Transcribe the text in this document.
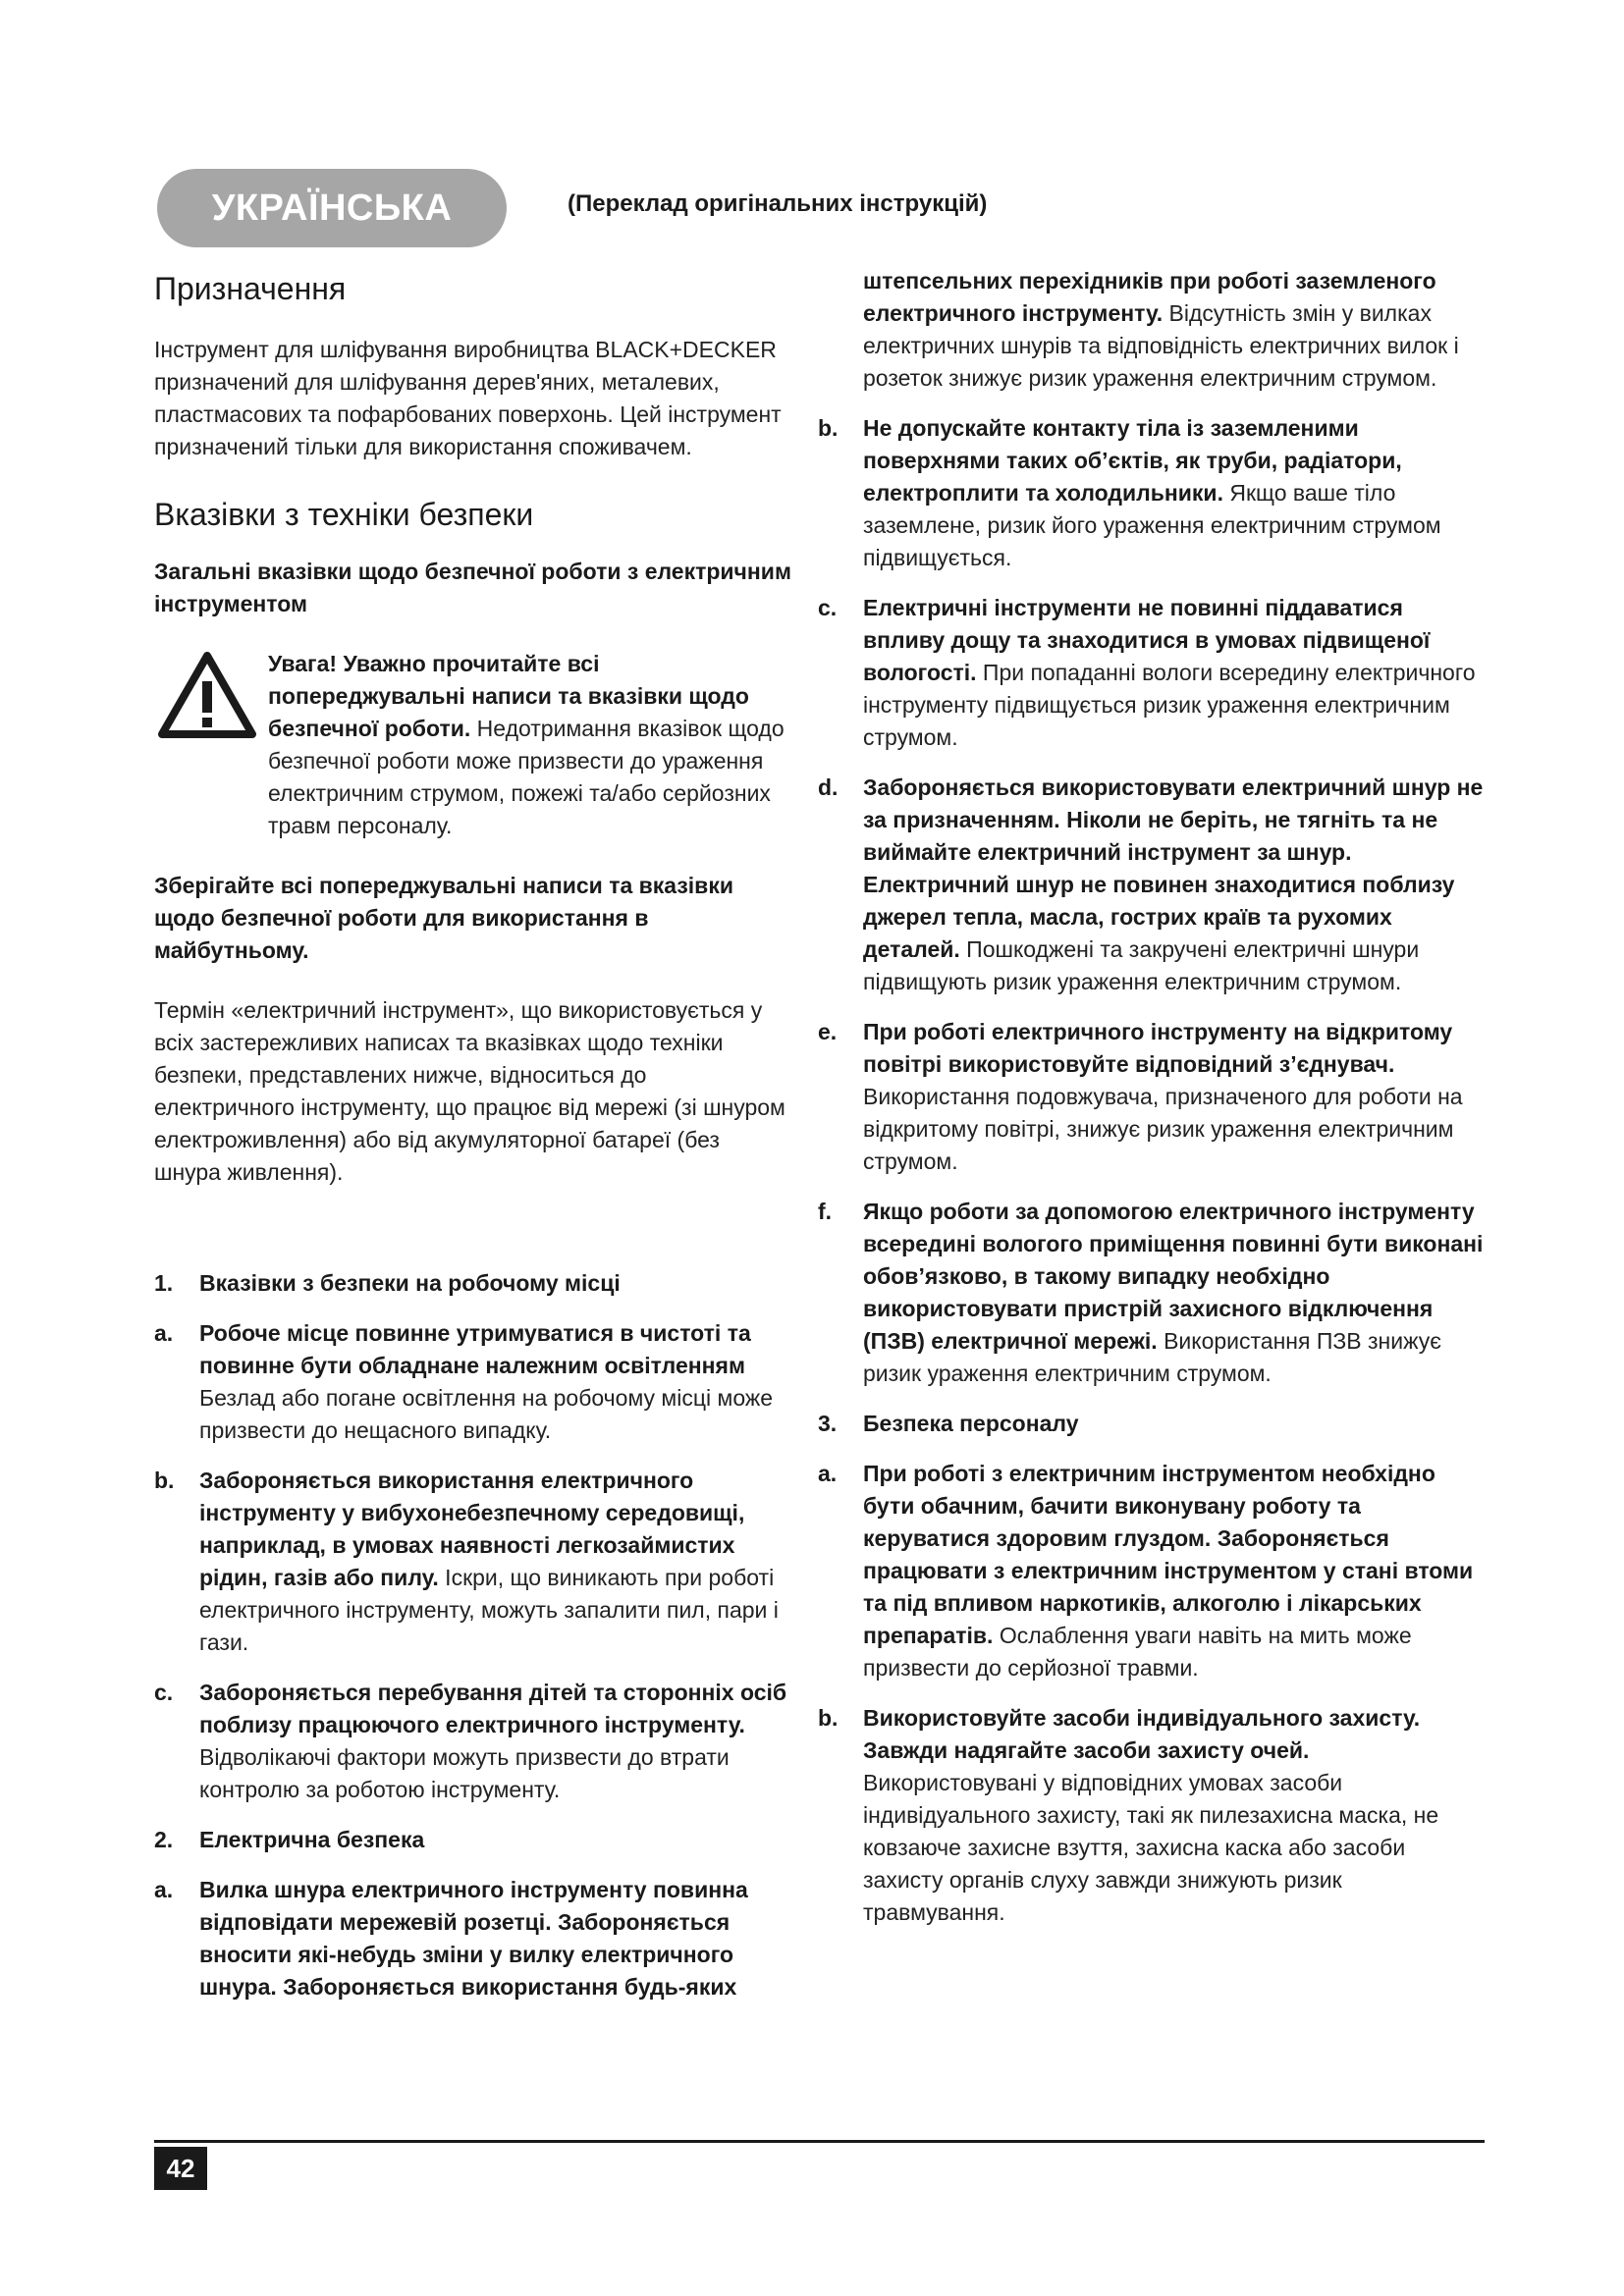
УКРАЇНСЬКА	(Переклад оригінальних інструкцій)
Призначення

Інструмент для шліфування виробництва BLACK+DECKER призначений для шліфування дерев'яних, металевих, пластмасових та пофарбованих поверхонь. Цей інструмент призначений тільки для використання споживачем.

Вказівки з техніки безпеки

Загальні вказівки щодо безпечної роботи з електричним інструментом

Увага! Уважно прочитайте всі попереджувальні написи та вказівки щодо безпечної роботи. Недотримання вказівок щодо безпечної роботи може призвести до ураження електричним струмом, пожежі та/або серйозних травм персоналу.

Зберігайте всі попереджувальні написи та вказівки щодо безпечної роботи для використання в майбутньому.

Термін «електричний інструмент», що використовується у всіх застережливих написах та вказівках щодо техніки безпеки, представлених нижче, відноситься до електричного інструменту, що працює від мережі (зі шнуром електроживлення) або від акумуляторної батареї (без шнура живлення).

1. Вказівки з безпеки на робочому місці

a. Робоче місце повинне утримуватися в чистоті та повинне бути обладнане належним освітленням Безлад або погане освітлення на робочому місці може призвести до нещасного випадку.

b. Забороняється використання електричного інструменту у вибухонебезпечному середовищі, наприклад, в умовах наявності легкозаймистих рідин, газів або пилу. Іскри, що виникають при роботі електричного інструменту, можуть запалити пил, пари і гази.

c. Забороняється перебування дітей та сторонніх осіб поблизу працюючого електричного інструменту. Відволікаючі фактори можуть призвести до втрати контролю за роботою інструменту.

2. Електрична безпека

a. Вилка шнура електричного інструменту повинна відповідати мережевій розетці. Забороняється вносити які-небудь зміни у вилку електричного шнура. Забороняється використання будь-яких

штепсельних перехідників при роботі заземленого електричного інструменту. Відсутність змін у вилках електричних шнурів та відповідність електричних вилок і розеток знижує ризик ураження електричним струмом.

b. Не допускайте контакту тіла із заземленими поверхнями таких об’єктів, як труби, радіатори, електроплити та холодильники. Якщо ваше тіло заземлене, ризик його ураження електричним струмом підвищується.

c. Електричні інструменти не повинні піддаватися впливу дощу та знаходитися в умовах підвищеної вологості. При попаданні вологи всередину електричного інструменту підвищується ризик ураження електричним струмом.

d. Забороняється використовувати електричний шнур не за призначенням. Ніколи не беріть, не тягніть та не виймайте електричний інструмент за шнур. Електричний шнур не повинен знаходитися поблизу джерел тепла, масла, гострих країв та рухомих деталей. Пошкоджені та закручені електричні шнури підвищують ризик ураження електричним струмом.

e. При роботі електричного інструменту на відкритому повітрі використовуйте відповідний з’єднувач. Використання подовжувача, призначеного для роботи на відкритому повітрі, знижує ризик ураження електричним струмом.

f. Якщо роботи за допомогою електричного інструменту всередині вологого приміщення повинні бути виконані обов’язково, в такому випадку необхідно використовувати пристрій захисного відключення (ПЗВ) електричної мережі. Використання ПЗВ знижує ризик ураження електричним струмом.

3. Безпека персоналу

a. При роботі з електричним інструментом необхідно бути обачним, бачити виконувану роботу та керуватися здоровим глуздом. Забороняється працювати з електричним інструментом у стані втоми та під впливом наркотиків, алкоголю і лікарських препаратів. Ослаблення уваги навіть на мить може призвести до серйозної травми.

b. Використовуйте засоби індивідуального захисту. Завжди надягайте засоби захисту очей. Використовувані у відповідних умовах засоби індивідуального захисту, такі як пилезахисна маска, не ковзаюче захисне взуття, захисна каска або засоби захисту органів слуху завжди знижують ризик травмування.

42
